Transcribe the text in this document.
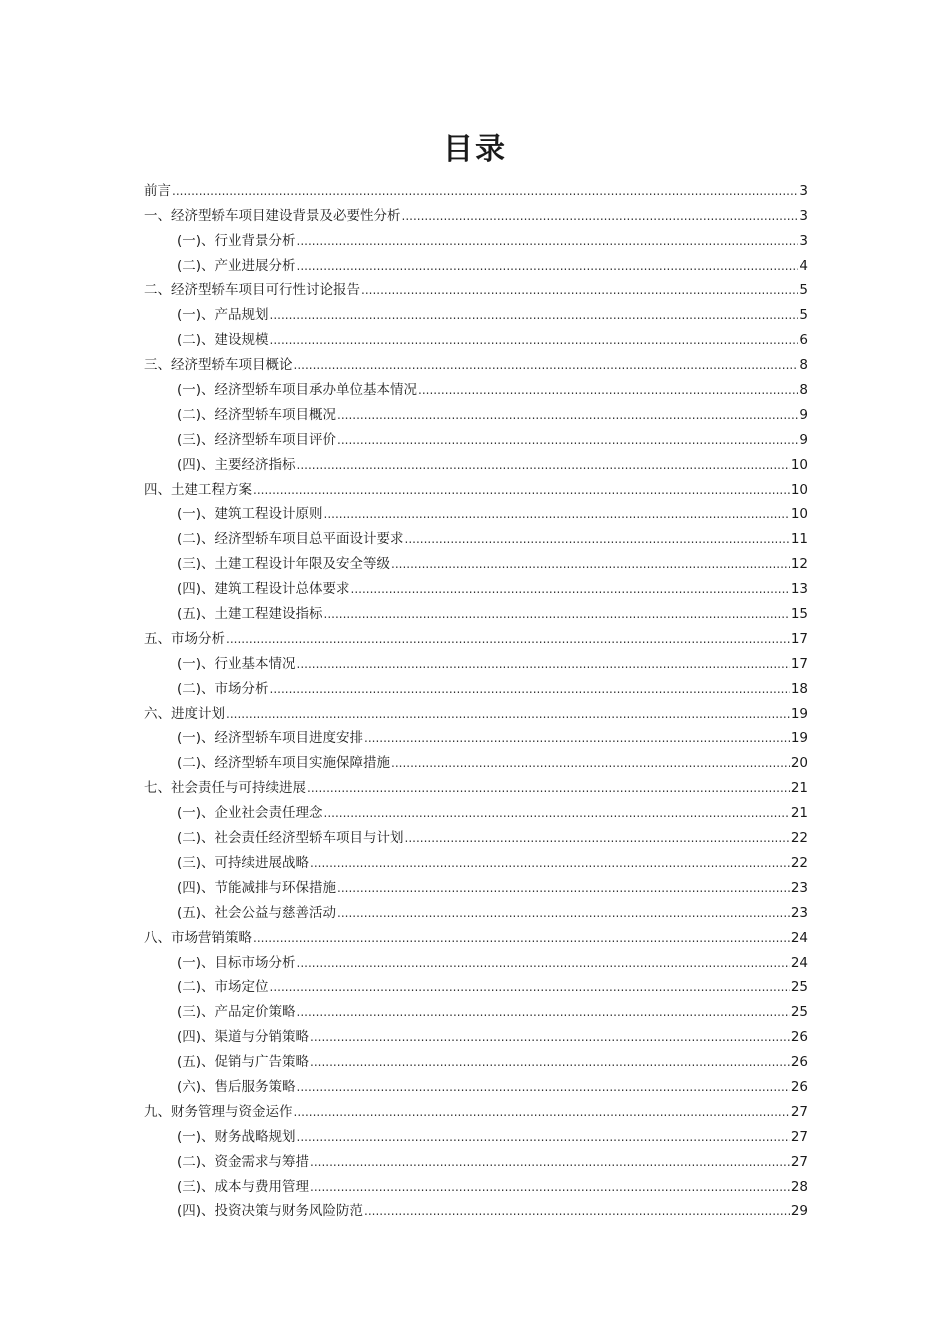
目录
前言 .....	3
一、经济型轿车项目建设背景及必要性分析 .....	3
(一)、行业背景分析 .....	3
(二)、产业进展分析 .....	4
二、经济型轿车项目可行性讨论报告 .....	5
(一)、产品规划 .....	5
(二)、建设规模 .....	6
三、经济型轿车项目概论 .....	8
(一)、经济型轿车项目承办单位基本情况 .....	8
(二)、经济型轿车项目概况 .....	9
(三)、经济型轿车项目评价 .....	9
(四)、主要经济指标 .....	10
四、土建工程方案 .....	10
(一)、建筑工程设计原则 .....	10
(二)、经济型轿车项目总平面设计要求 .....	11
(三)、土建工程设计年限及安全等级 .....	12
(四)、建筑工程设计总体要求 .....	13
(五)、土建工程建设指标 .....	15
五、市场分析 .....	17
(一)、行业基本情况 .....	17
(二)、市场分析 .....	18
六、进度计划 .....	19
(一)、经济型轿车项目进度安排 .....	19
(二)、经济型轿车项目实施保障措施 .....	20
七、社会责任与可持续进展 .....	21
(一)、企业社会责任理念 .....	21
(二)、社会责任经济型轿车项目与计划 .....	22
(三)、可持续进展战略 .....	22
(四)、节能减排与环保措施 .....	23
(五)、社会公益与慈善活动 .....	23
八、市场营销策略 .....	24
(一)、目标市场分析 .....	24
(二)、市场定位 .....	25
(三)、产品定价策略 .....	25
(四)、渠道与分销策略 .....	26
(五)、促销与广告策略 .....	26
(六)、售后服务策略 .....	26
九、财务管理与资金运作 .....	27
(一)、财务战略规划 .....	27
(二)、资金需求与筹措 .....	27
(三)、成本与费用管理 .....	28
(四)、投资决策与财务风险防范 .....	29
